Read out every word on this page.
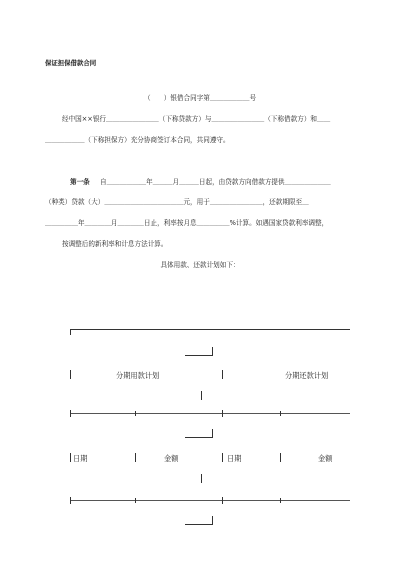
保证担保借款合同
（　　）银借合同字第＿＿＿＿＿＿号
经中国××银行＿＿＿＿＿＿＿＿（下称贷款方）与＿＿＿＿＿＿＿＿（下称借款方）和＿＿
＿＿＿＿＿＿（下称担保方）充分协商签订本合同，共同遵守。
第一条 自＿＿＿＿＿＿年＿＿＿月＿＿＿日起，由贷款方向借款方提供＿＿＿＿＿＿＿
（种类）贷款（大）＿＿＿＿＿＿＿＿＿＿＿＿元，用于＿＿＿＿＿＿＿＿，还款期限至＿
＿＿＿＿＿年＿＿＿＿月＿＿＿＿日止，利率按月息＿＿＿＿＿%计算。如遇国家贷款利率调整，
按调整后的新利率和计息方法计算。
具体用款、还款计划如下：
分期用款计划	分期还款计划
日期	金额	日期	金额
